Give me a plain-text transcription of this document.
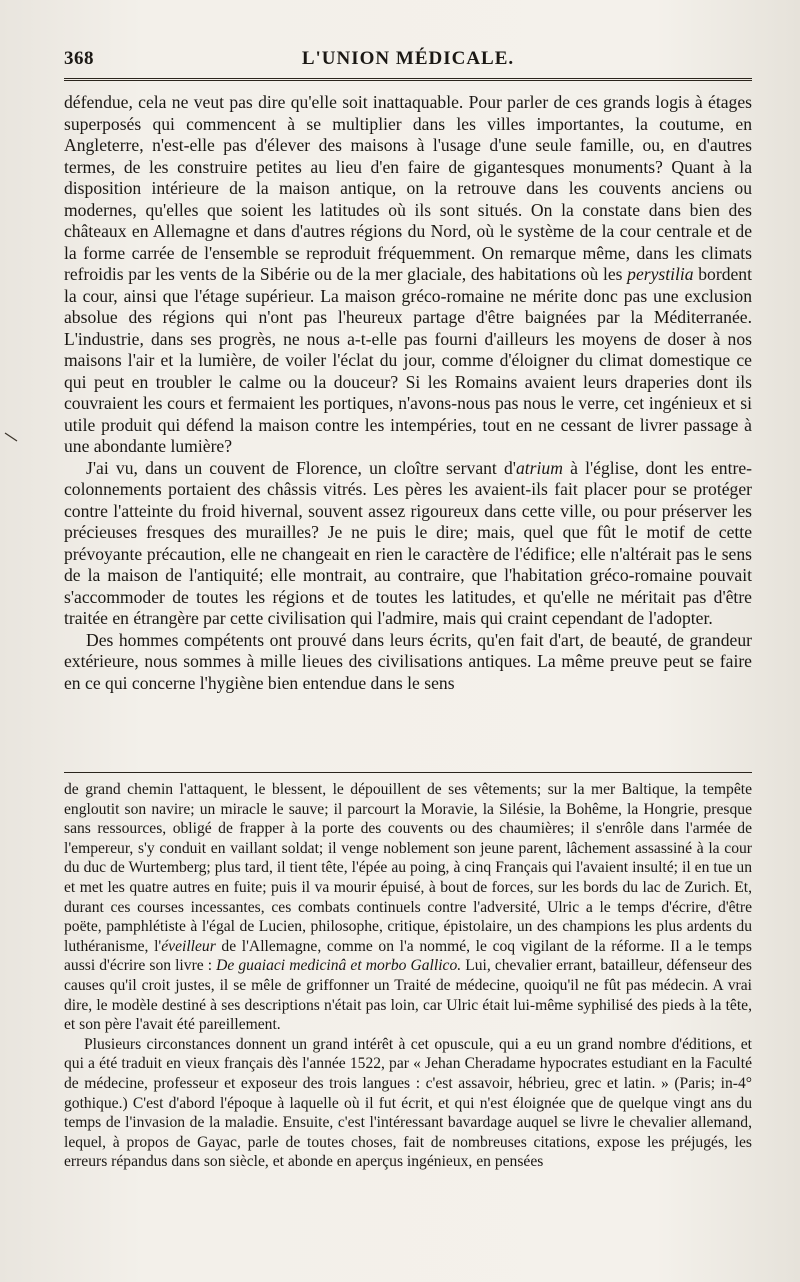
368	L'UNION MÉDICALE.

défendue, cela ne veut pas dire qu'elle soit inattaquable. Pour parler de ces grands logis à étages superposés qui commencent à se multiplier dans les villes importantes, la coutume, en Angleterre, n'est-elle pas d'élever des maisons à l'usage d'une seule famille, ou, en d'autres termes, de les construire petites au lieu d'en faire de gigantesques monuments? Quant à la disposition intérieure de la maison antique, on la retrouve dans les couvents anciens ou modernes, qu'elles que soient les latitudes où ils sont situés. On la constate dans bien des châteaux en Allemagne et dans d'autres régions du Nord, où le système de la cour centrale et de la forme carrée de l'ensemble se reproduit fréquemment. On remarque même, dans les climats refroidis par les vents de la Sibérie ou de la mer glaciale, des habitations où les perystilia bordent la cour, ainsi que l'étage supérieur. La maison gréco-romaine ne mérite donc pas une exclusion absolue des régions qui n'ont pas l'heureux partage d'être baignées par la Méditerranée. L'industrie, dans ses progrès, ne nous a-t-elle pas fourni d'ailleurs les moyens de doser à nos maisons l'air et la lumière, de voiler l'éclat du jour, comme d'éloigner du climat domestique ce qui peut en troubler le calme ou la douceur? Si les Romains avaient leurs draperies dont ils couvraient les cours et fermaient les portiques, n'avons-nous pas nous le verre, cet ingénieux et si utile produit qui défend la maison contre les intempéries, tout en ne cessant de livrer passage à une abondante lumière?

J'ai vu, dans un couvent de Florence, un cloître servant d'atrium à l'église, dont les entre-colonnements portaient des châssis vitrés. Les pères les avaient-ils fait placer pour se protéger contre l'atteinte du froid hivernal, souvent assez rigoureux dans cette ville, ou pour préserver les précieuses fresques des murailles? Je ne puis le dire; mais, quel que fût le motif de cette prévoyante précaution, elle ne changeait en rien le caractère de l'édifice; elle n'altérait pas le sens de la maison de l'antiquité; elle montrait, au contraire, que l'habitation gréco-romaine pouvait s'accommoder de toutes les régions et de toutes les latitudes, et qu'elle ne méritait pas d'être traitée en étrangère par cette civilisation qui l'admire, mais qui craint cependant de l'adopter.

Des hommes compétents ont prouvé dans leurs écrits, qu'en fait d'art, de beauté, de grandeur extérieure, nous sommes à mille lieues des civilisations antiques. La même preuve peut se faire en ce qui concerne l'hygiène bien entendue dans le sens

de grand chemin l'attaquent, le blessent, le dépouillent de ses vêtements; sur la mer Baltique, la tempête engloutit son navire; un miracle le sauve; il parcourt la Moravie, la Silésie, la Bohême, la Hongrie, presque sans ressources, obligé de frapper à la porte des couvents ou des chaumières; il s'enrôle dans l'armée de l'empereur, s'y conduit en vaillant soldat; il venge noblement son jeune parent, lâchement assassiné à la cour du duc de Wurtemberg; plus tard, il tient tête, l'épée au poing, à cinq Français qui l'avaient insulté; il en tue un et met les quatre autres en fuite; puis il va mourir épuisé, à bout de forces, sur les bords du lac de Zurich. Et, durant ces courses incessantes, ces combats continuels contre l'adversité, Ulric a le temps d'écrire, d'être poëte, pamphlétiste à l'égal de Lucien, philosophe, critique, épistolaire, un des champions les plus ardents du luthéranisme, l'éveilleur de l'Allemagne, comme on l'a nommé, le coq vigilant de la réforme. Il a le temps aussi d'écrire son livre : De guaiaci medicinâ et morbo Gallico. Lui, chevalier errant, batailleur, défenseur des causes qu'il croit justes, il se mêle de griffonner un Traité de médecine, quoiqu'il ne fût pas médecin. A vrai dire, le modèle destiné à ses descriptions n'était pas loin, car Ulric était lui-même syphilisé des pieds à la tête, et son père l'avait été pareillement.

Plusieurs circonstances donnent un grand intérêt à cet opuscule, qui a eu un grand nombre d'éditions, et qui a été traduit en vieux français dès l'année 1522, par « Jehan Cheradame hypocrates estudiant en la Faculté de médecine, professeur et exposeur des trois langues : c'est assavoir, hébrieu, grec et latin. » (Paris; in-4° gothique.) C'est d'abord l'époque à laquelle où il fut écrit, et qui n'est éloignée que de quelque vingt ans du temps de l'invasion de la maladie. Ensuite, c'est l'intéressant bavardage auquel se livre le chevalier allemand, lequel, à propos de Gayac, parle de toutes choses, fait de nombreuses citations, expose les préjugés, les erreurs répandus dans son siècle, et abonde en aperçus ingénieux, en pensées
